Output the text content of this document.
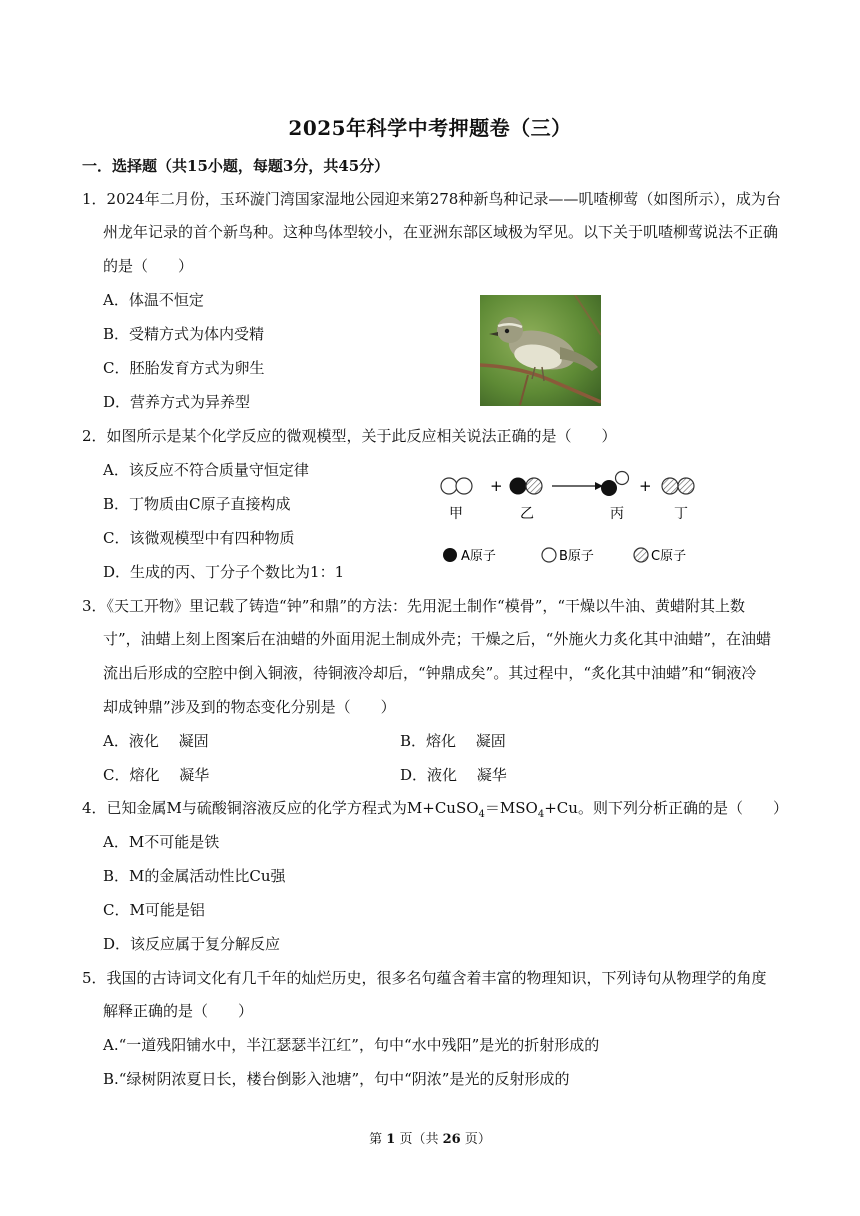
2025年科学中考押题卷（三）
一．选择题（共15小题，每题3分，共45分）
1．2024年二月份，玉环漩门湾国家湿地公园迎来第278种新鸟种记录——叽喳柳莺（如图所示），成为台
州龙年记录的首个新鸟种。这种鸟体型较小，在亚洲东部区域极为罕见。以下关于叽喳柳莺说法不正确
的是（　　）
A．体温不恒定
B．受精方式为体内受精
C．胚胎发育方式为卵生
D．营养方式为异养型
2．如图所示是某个化学反应的微观模型，关于此反应相关说法正确的是（　　）
A．该反应不符合质量守恒定律
B．丁物质由C原子直接构成
C．该微观模型中有四种物质
D．生成的丙、丁分子个数比为1：1
+	+
甲	乙	丙	丁
A原子	B原子	C原子
3．《天工开物》里记载了铸造“钟”和鼎”的方法：先用泥土制作“模骨”，“干燥以牛油、黄蜡附其上数
寸”，油蜡上刻上图案后在油蜡的外面用泥土制成外壳；干燥之后，“外施火力炙化其中油蜡”，在油蜡
流出后形成的空腔中倒入铜液，待铜液冷却后，“钟鼎成矣”。其过程中，“炙化其中油蜡”和“铜液冷
却成钟鼎”涉及到的物态变化分别是（　　）
A．液化　 凝固	B．熔化　 凝固
C．熔化　 凝华	D．液化　 凝华
4．已知金属M与硫酸铜溶液反应的化学方程式为$M+CuSO_4=MSO_4+Cu$。则下列分析正确的是（　　）
A．M不可能是铁
B．M的金属活动性比Cu强
C．M可能是铝
D．该反应属于复分解反应
5．我国的古诗词文化有几千年的灿烂历史，很多名句蕴含着丰富的物理知识，下列诗句从物理学的角度
解释正确的是（　　）
A.“一道残阳铺水中，半江瑟瑟半江红”，句中“水中残阳”是光的折射形成的
B.“绿树阴浓夏日长，楼台倒影入池塘”，句中“阴浓”是光的反射形成的
第 1 页（共 26 页）
